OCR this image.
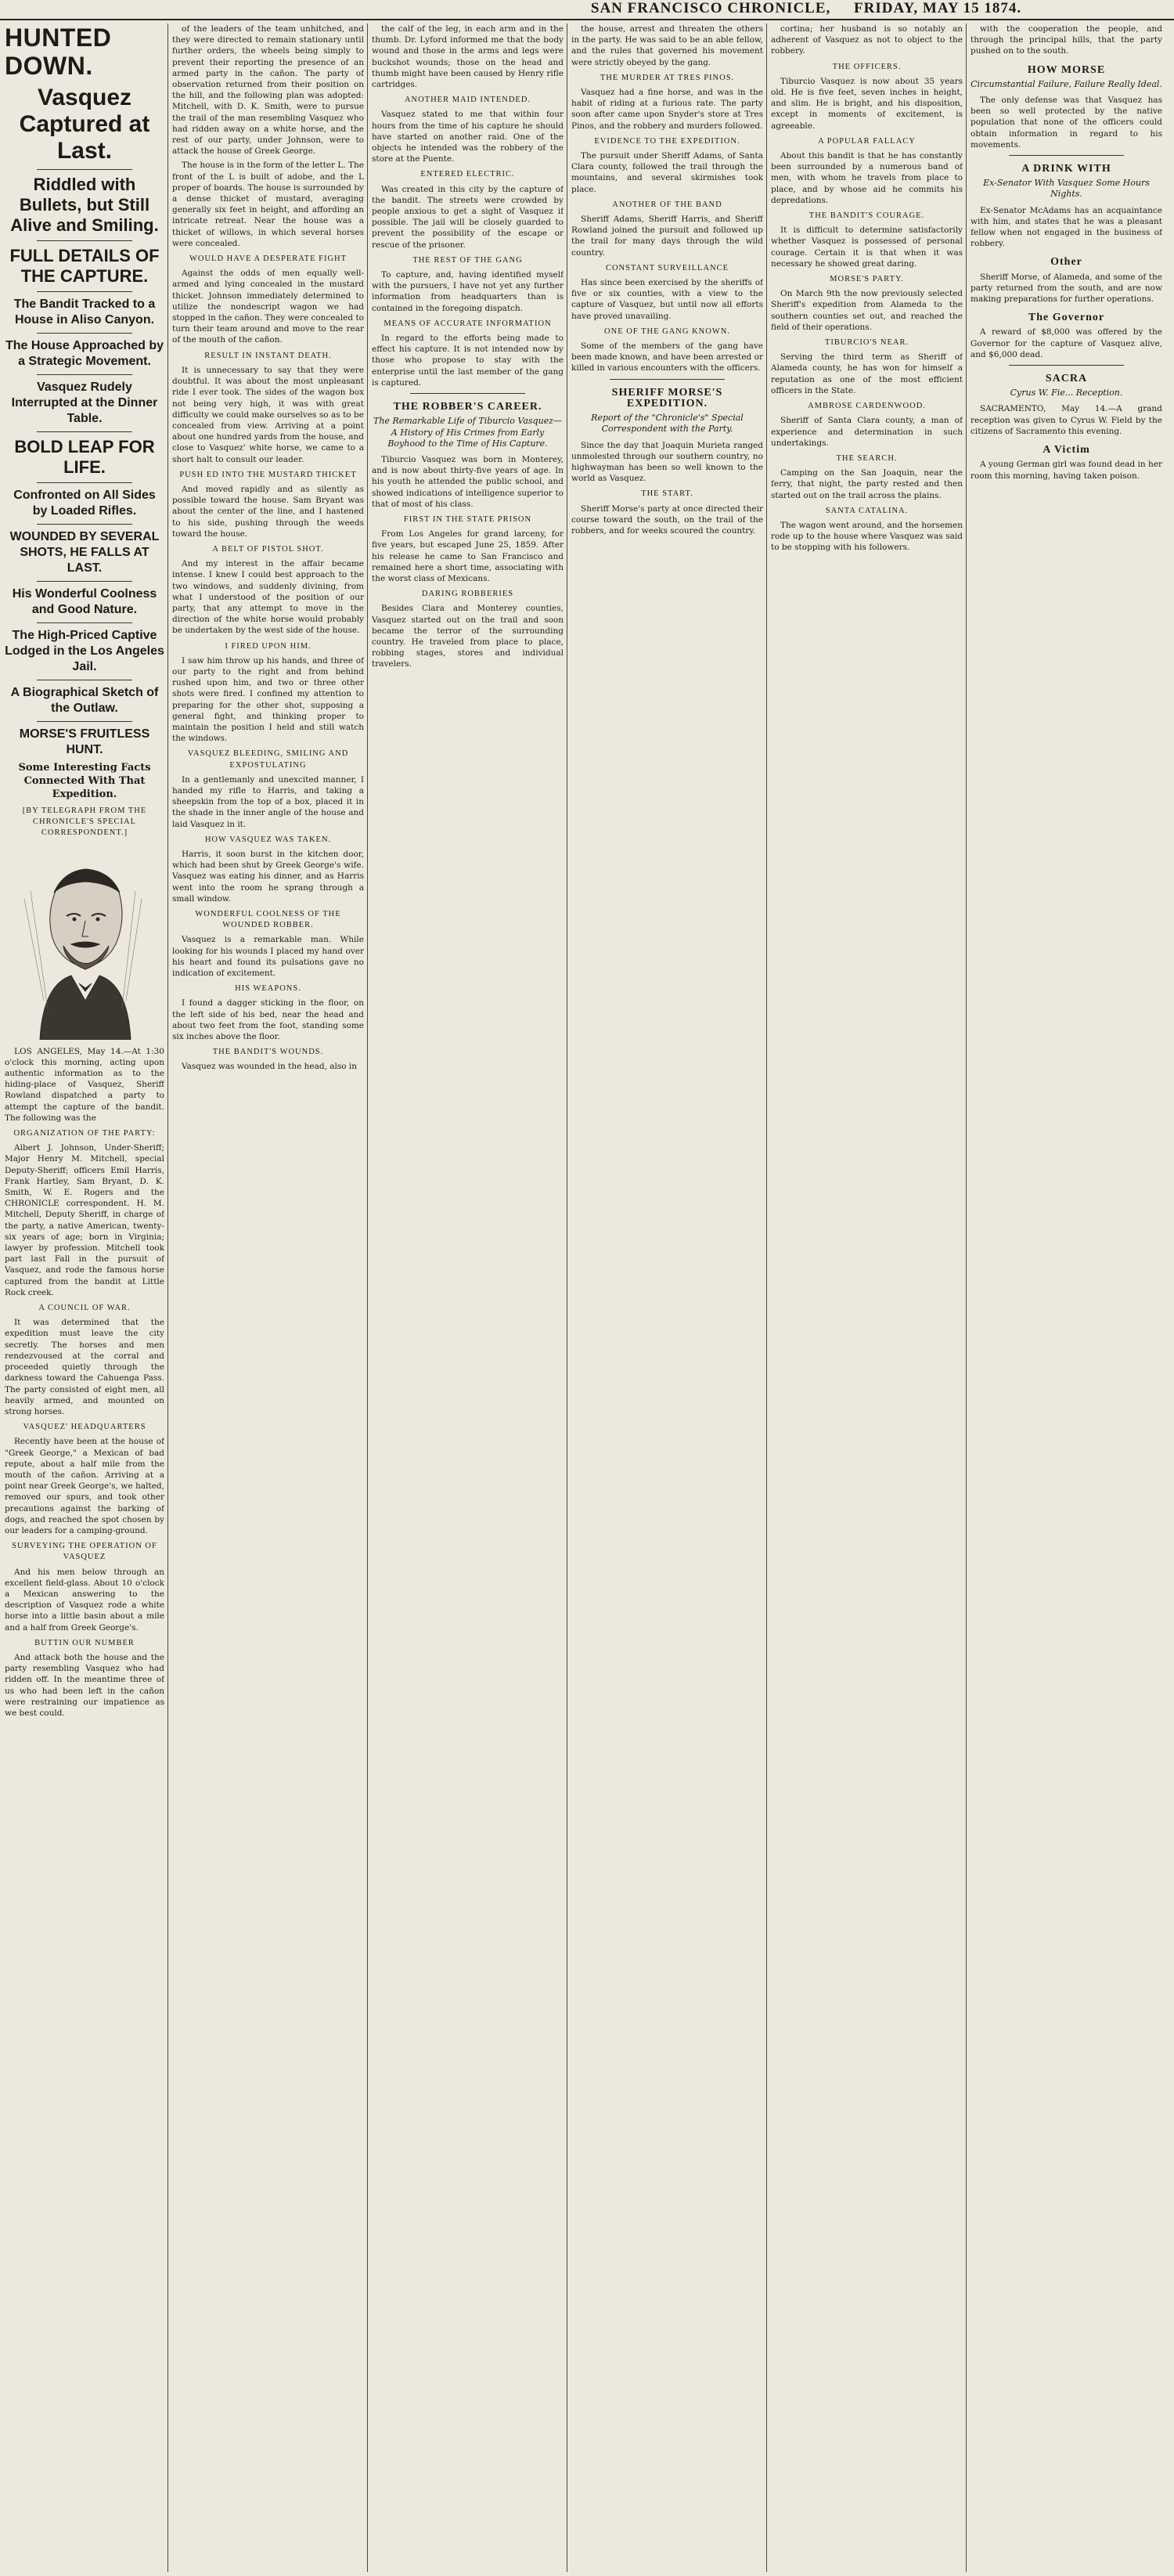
SAN FRANCISCO CHRONICLE, FRIDAY, MAY 15 1874.
HUNTED DOWN.
Vasquez Captured at Last.
Riddled with Bullets, but Still Alive and Smiling.
FULL DETAILS OF THE CAPTURE.
The Bandit Tracked to a House in Aliso Canyon.
The House Approached by a Strategic Movement.
Vasquez Rudely Interrupted at the Dinner Table.
BOLD LEAP FOR LIFE.
Confronted on All Sides by Loaded Rifles.
WOUNDED BY SEVERAL SHOTS, HE FALLS AT LAST.
His Wonderful Coolness and Good Nature.
The High-Priced Captive Lodged in the Los Angeles Jail.
A Biographical Sketch of the Outlaw.
MORSE'S FRUITLESS HUNT.
Some Interesting Facts Connected With That Expedition.
[BY TELEGRAPH FROM THE CHRONICLE'S SPECIAL CORRESPONDENT.]

LOS ANGELES, May 14.—At 1:30 o'clock this morning, acting upon authentic information as to the hiding-place of Vasquez, Sheriff Rowland dispatched a party to attempt the capture of the bandit. The following was the

ORGANIZATION OF THE PARTY:

Albert J. Johnson, Under-Sheriff; Major Henry M. Mitchell, special Deputy-Sheriff; officers Emil Harris, Frank Hartley, Sam Bryant, D. K. Smith, W. E. Rogers and the CHRONICLE correspondent. H. M. Mitchell, Deputy Sheriff, in charge of the party, a native American, twenty-six years of age; born in Virginia; lawyer by profession. Mitchell took part last Fall in the pursuit of Vasquez, and rode the famous horse captured from the bandit at Little Rock creek.

A COUNCIL OF WAR.

It was determined that the expedition must leave the city secretly. The horses and men rendezvoused at the corral and proceeded quietly through the darkness toward the Cahuenga Pass. The party consisted of eight men, all heavily armed, and mounted on strong horses.

VASQUEZ' HEADQUARTERS

Recently have been at the house of "Greek George," a Mexican of bad repute, about a half mile from the mouth of the cañon. Arriving at a point near Greek George's, we halted, removed our spurs, and took other precautions against the barking of dogs, and reached the spot chosen by our leaders for a camping-ground.

SURVEYING THE OPERATION OF VASQUEZ

And his men below through an excellent field-glass. About 10 o'clock a Mexican answering to the description of Vasquez rode a white horse into a little basin about a mile and a half from Greek George's.

BUTTIN OUR NUMBER

And attack both the house and the party resembling Vasquez who had ridden off. In the meantime three of us who had been left in the cañon were restraining our impatience as we best could.

of the leaders of the team unhitched, and they were directed to remain stationary until further orders, the wheels being simply to prevent their reporting the presence of an armed party in the cañon. The party of observation returned from their position on the hill, and the following plan was adopted: Mitchell, with D. K. Smith, were to pursue the trail of the man resembling Vasquez who had ridden away on a white horse, and the rest of our party, under Johnson, were to attack the house of Greek George.

The house is in the form of the letter L. The front of the L is built of adobe, and the L proper of boards. The house is surrounded by a dense thicket of mustard, averaging generally six feet in height, and affording an intricate retreat. Near the house was a thicket of willows, in which several horses were concealed.

WOULD HAVE A DESPERATE FIGHT

Against the odds of men equally well-armed and lying concealed in the mustard thicket. Johnson immediately determined to utilize the nondescript wagon we had stopped in the cañon. They were concealed to turn their team around and move to the rear of the mouth of the cañon.

RESULT IN INSTANT DEATH.

It is unnecessary to say that they were doubtful. It was about the most unpleasant ride I ever took. The sides of the wagon box not being very high, it was with great difficulty we could make ourselves so as to be concealed from view. Arriving at a point about one hundred yards from the house, and close to Vasquez' white horse, we came to a short halt to consult our leader.

PUSH ED INTO THE MUSTARD THICKET

And moved rapidly and as silently as possible toward the house. Sam Bryant was about the center of the line, and I hastened to his side, pushing through the weeds toward the house.

A BELT OF PISTOL SHOT.

And my interest in the affair became intense. I knew I could best approach to the two windows, and suddenly divining, from what I understood of the position of our party, that any attempt to move in the direction of the white horse would probably be undertaken by the west side of the house.

I FIRED UPON HIM.

I saw him throw up his hands, and three of our party to the right and from behind rushed upon him, and two or three other shots were fired. I confined my attention to preparing for the other shot, supposing a general fight, and thinking proper to maintain the position I held and still watch the windows.

VASQUEZ BLEEDING, SMILING AND EXPOSTULATING

In a gentlemanly and unexcited manner, I handed my rifle to Harris, and taking a sheepskin from the top of a box, placed it in the shade in the inner angle of the house and laid Vasquez in it.

HOW VASQUEZ WAS TAKEN.

Harris, it soon burst in the kitchen door, which had been shut by Greek George's wife. Vasquez was eating his dinner, and as Harris went into the room he sprang through a small window.

WONDERFUL COOLNESS OF THE WOUNDED ROBBER.

Vasquez is a remarkable man. While looking for his wounds I placed my hand over his heart and found its pulsations gave no indication of excitement.

HIS WEAPONS.

I found a dagger sticking in the floor, on the left side of his bed, near the head and about two feet from the foot, standing some six inches above the floor.

THE BANDIT'S WOUNDS.

Vasquez was wounded in the head, also in

the calf of the leg, in each arm and in the thumb. Dr. Lyford informed me that the body wound and those in the arms and legs were buckshot wounds; those on the head and thumb might have been caused by Henry rifle cartridges.

ANOTHER MAID INTENDED.

Vasquez stated to me that within four hours from the time of his capture he should have started on another raid. One of the objects he intended was the robbery of the store at the Puente.

ENTERED ELECTRIC.

Was created in this city by the capture of the bandit. The streets were crowded by people anxious to get a sight of Vasquez if possible. The jail will be closely guarded to prevent the possibility of the escape or rescue of the prisoner.

THE REST OF THE GANG

To capture, and, having identified myself with the pursuers, I have not yet any further information from headquarters than is contained in the foregoing dispatch.

MEANS OF ACCURATE INFORMATION

In regard to the efforts being made to effect his capture. It is not intended now by those who propose to stay with the enterprise until the last member of the gang is captured.

THE ROBBER'S CAREER.
The Remarkable Life of Tiburcio Vasquez—A History of His Crimes from Early Boyhood to the Time of His Capture.

Tiburcio Vasquez was born in Monterey, and is now about thirty-five years of age. In his youth he attended the public school, and showed indications of intelligence superior to that of most of his class.

FIRST IN THE STATE PRISON

From Los Angeles for grand larceny, for five years, but escaped June 25, 1859. After his release he came to San Francisco and remained here a short time, associating with the worst class of Mexicans.

DARING ROBBERIES

Besides Clara and Monterey counties, Vasquez started out on the trail and soon became the terror of the surrounding country. He traveled from place to place, robbing stages, stores and individual travelers.

the house, arrest and threaten the others in the party. He was said to be an able fellow, and the rules that governed his movement were strictly obeyed by the gang.

THE MURDER AT TRES PINOS.

Vasquez had a fine horse, and was in the habit of riding at a furious rate. The party soon after came upon Snyder's store at Tres Pinos, and the robbery and murders followed.

EVIDENCE TO THE EXPEDITION.

The pursuit under Sheriff Adams, of Santa Clara county, followed the trail through the mountains, and several skirmishes took place.

ANOTHER OF THE BAND

Sheriff Adams, Sheriff Harris, and Sheriff Rowland joined the pursuit and followed up the trail for many days through the wild country.

CONSTANT SURVEILLANCE

Has since been exercised by the sheriffs of five or six counties, with a view to the capture of Vasquez, but until now all efforts have proved unavailing.

ONE OF THE GANG KNOWN.

Some of the members of the gang have been made known, and have been arrested or killed in various encounters with the officers.

SHERIFF MORSE'S EXPEDITION.
Report of the "Chronicle's" Special Correspondent with the Party.

Since the day that Joaquin Murieta ranged unmolested through our southern country, no highwayman has been so well known to the world as Vasquez.

THE START.

Sheriff Morse's party at once directed their course toward the south, on the trail of the robbers, and for weeks scoured the country.

cortina; her husband is so notably an adherent of Vasquez as not to object to the robbery.

THE OFFICERS.

Tiburcio Vasquez is now about 35 years old. He is five feet, seven inches in height, and slim. He is bright, and his disposition, except in moments of excitement, is agreeable.

A POPULAR FALLACY

About this bandit is that he has constantly been surrounded by a numerous band of men, with whom he travels from place to place, and by whose aid he commits his depredations.

THE BANDIT'S COURAGE.

It is difficult to determine satisfactorily whether Vasquez is possessed of personal courage. Certain it is that when it was necessary he showed great daring.

MORSE'S PARTY.

On March 9th the now previously selected Sheriff's expedition from Alameda to the southern counties set out, and reached the field of their operations.

TIBURCIO'S NEAR.

Serving the third term as Sheriff of Alameda county, he has won for himself a reputation as one of the most efficient officers in the State.

AMBROSE CARDENWOOD.

Sheriff of Santa Clara county, a man of experience and determination in such undertakings.

THE SEARCH.

Camping on the San Joaquin, near the ferry, that night, the party rested and then started out on the trail across the plains.

SANTA CATALINA.

The wagon went around, and the horsemen rode up to the house where Vasquez was said to be stopping with his followers.

with the cooperation the people, and through the principal hills, that the party pushed on to the south.

HOW MORSE
Circumstantial Failure, Failure Really Ideal.

The only defense was that Vasquez has been so well protected by the native population that none of the officers could obtain information in regard to his movements.

A DRINK WITH
Ex-Senator With Vasquez Some Hours Nights.

Ex-Senator McAdams has an acquaintance with him, and states that he was a pleasant fellow when not engaged in the business of robbery.

Other

Sheriff Morse, of Alameda, and some of the party returned from the south, and are now making preparations for further operations.

The Governor

A reward of $8,000 was offered by the Governor for the capture of Vasquez alive, and $6,000 dead.

SACRA
Cyrus W. Fie... Reception.

SACRAMENTO, May 14.—A grand reception was given to Cyrus W. Field by the citizens of Sacramento this evening.

A Victim

A young German girl was found dead in her room this morning, having taken poison.
